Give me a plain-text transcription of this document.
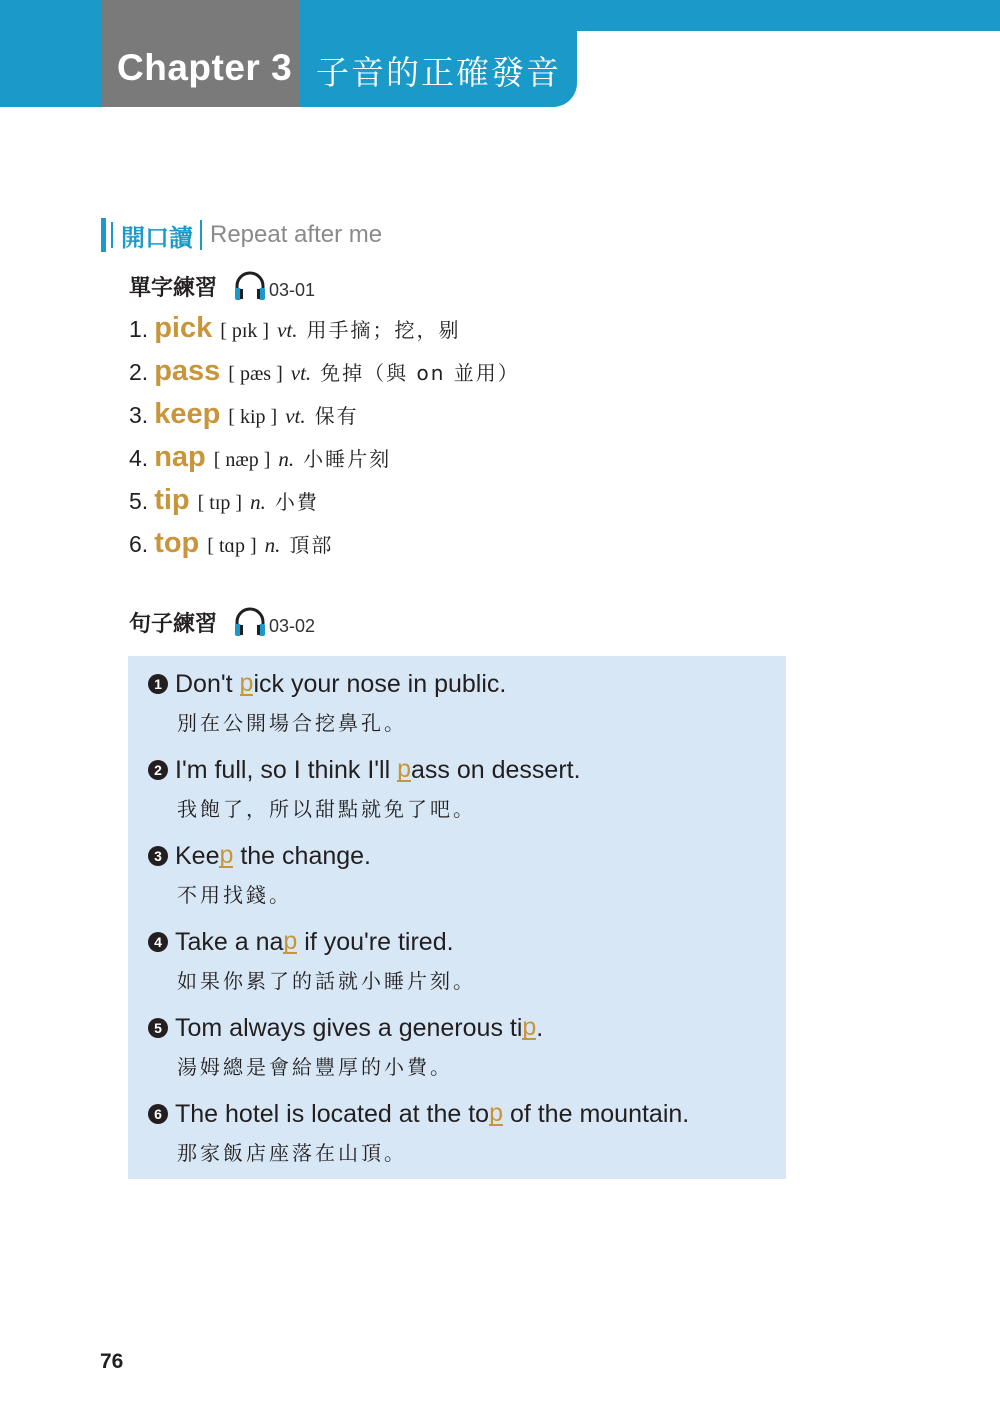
Chapter 3 子音的正確發音
開口讀 Repeat after me
單字練習	03-01
1. pick [ pɪk ] vt. 用手摘；挖，剔
2. pass [ pæs ] vt. 免掉（與 on 並用）
3. keep [ kip ] vt. 保有
4. nap [ næp ] n. 小睡片刻
5. tip [ tɪp ] n. 小費
6. top [ tɑp ] n. 頂部
句子練習	03-02
1 Don't p ick your nose in public.
別在公開場合挖鼻孔。
2 I'm full, so I think I'll p ass on dessert.
我飽了，所以甜點就免了吧。
3 Kee p the change.
不用找錢。
4 Take a na p if you're tired.
如果你累了的話就小睡片刻。
5 Tom always gives a generous ti p .
湯姆總是會給豐厚的小費。
6 The hotel is located at the to p of the mountain.
那家飯店座落在山頂。
76
